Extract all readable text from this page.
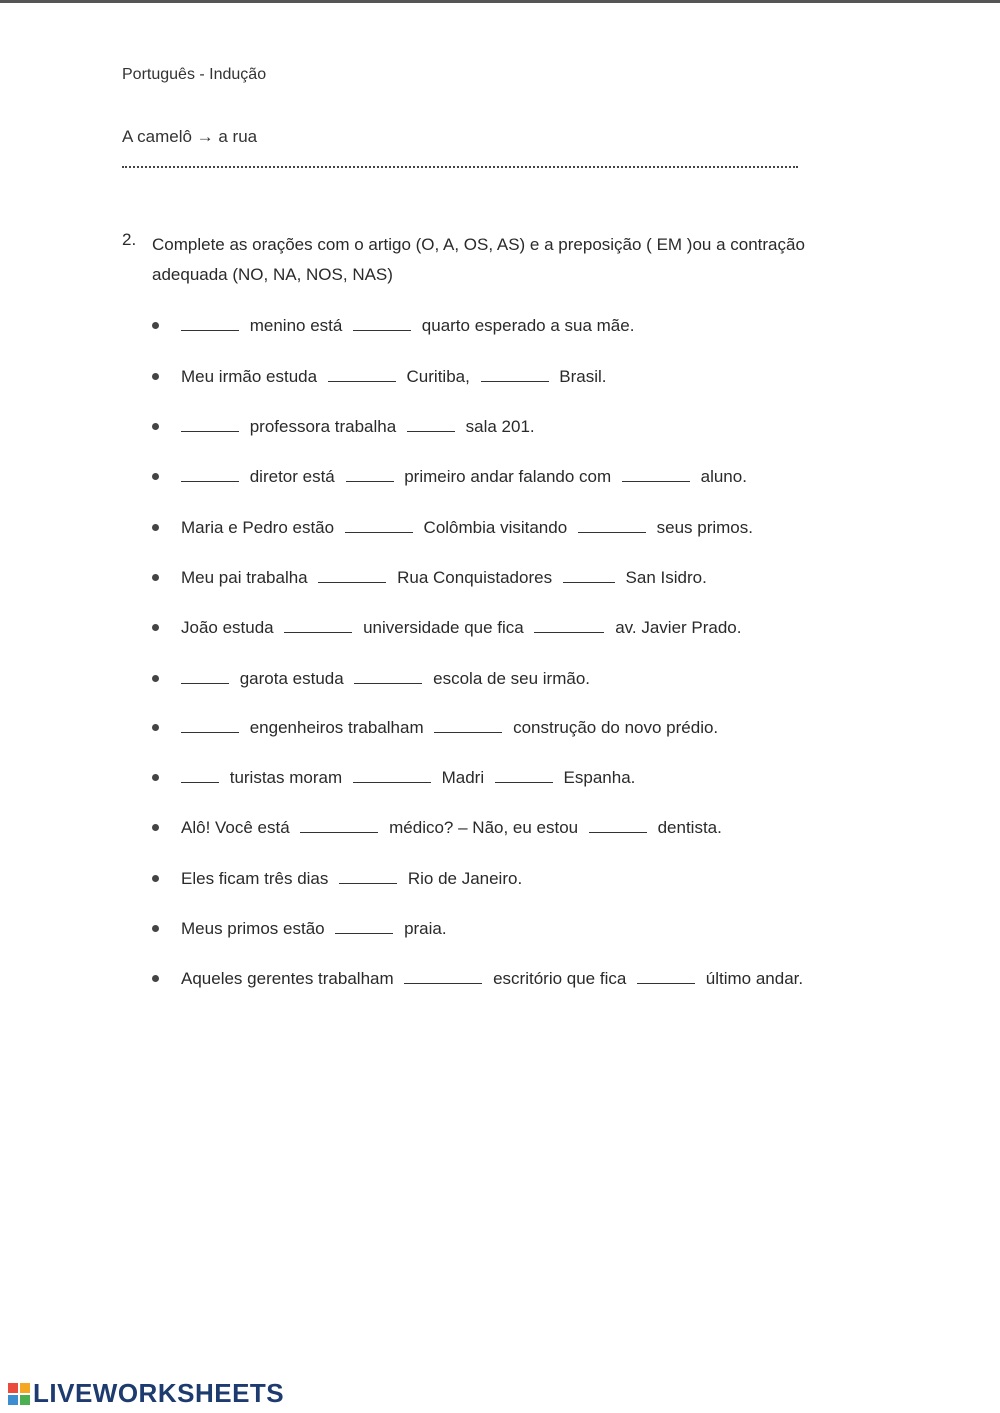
Português - Indução
A camelô → a rua
2. Complete as orações com o artigo (O, A, OS, AS) e a preposição ( EM )ou a contração adequada (NO, NA, NOS, NAS)
menino está	quarto esperado a sua mãe.
Meu irmão estuda	Curitiba,	Brasil.
professora trabalha	sala 201.
diretor está	primeiro andar falando com	aluno.
Maria e Pedro estão	Colômbia visitando	seus primos.
Meu pai trabalha	Rua Conquistadores	San Isidro.
João estuda	universidade que fica	av. Javier Prado.
garota estuda	escola de seu irmão.
engenheiros trabalham	construção do novo prédio.
turistas moram	Madri	Espanha.
Alô! Você está	médico? – Não, eu estou	dentista.
Eles ficam três dias	Rio de Janeiro.
Meus primos estão	praia.
Aqueles gerentes trabalham	escritório que fica	último andar.
LIVEWORKSHEETS
